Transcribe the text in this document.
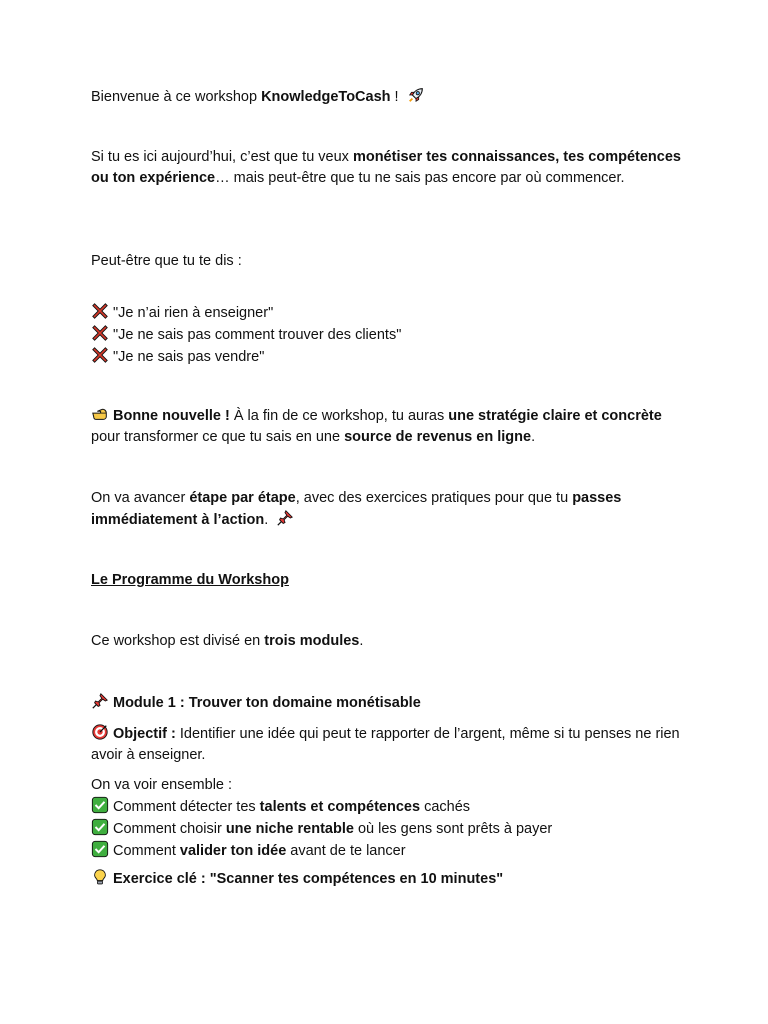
Bienvenue à ce workshop KnowledgeToCash !

Si tu es ici aujourd’hui, c’est que tu veux monétiser tes connaissances, tes compétences ou ton expérience… mais peut-être que tu ne sais pas encore par où commencer.

Peut-être que tu te dis :

"Je n’ai rien à enseigner"
"Je ne sais pas comment trouver des clients"
"Je ne sais pas vendre"

Bonne nouvelle ! À la fin de ce workshop, tu auras une stratégie claire et concrète pour transformer ce que tu sais en une source de revenus en ligne.

On va avancer étape par étape, avec des exercices pratiques pour que tu passes immédiatement à l’action.

Le Programme du Workshop

Ce workshop est divisé en trois modules.

Module 1 : Trouver ton domaine monétisable

Objectif : Identifier une idée qui peut te rapporter de l’argent, même si tu penses ne rien avoir à enseigner.

On va voir ensemble :

Comment détecter tes talents et compétences cachés
Comment choisir une niche rentable où les gens sont prêts à payer
Comment valider ton idée avant de te lancer

Exercice clé : "Scanner tes compétences en 10 minutes"
